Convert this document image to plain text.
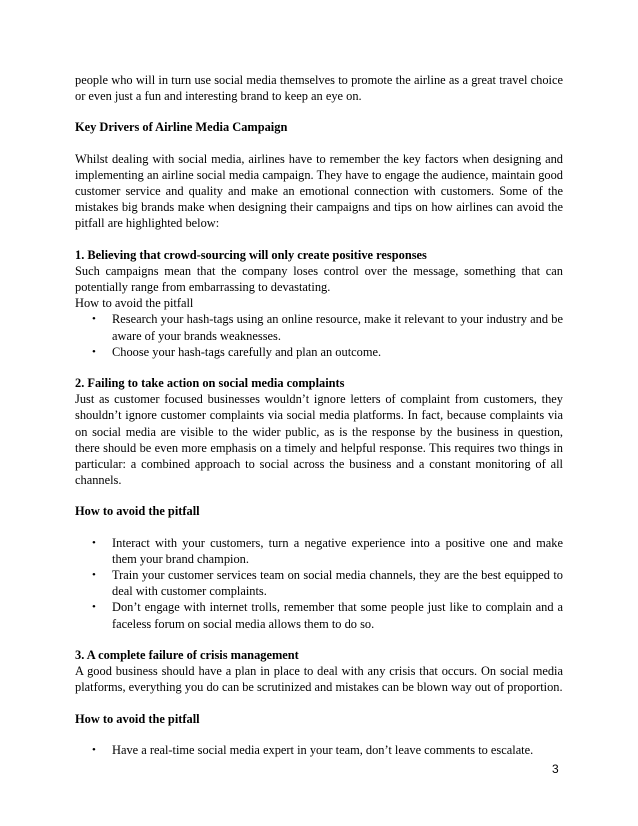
people who will in turn use social media themselves to promote the airline as a great travel choice or even just a fun and interesting brand to keep an eye on.

Key Drivers of Airline Media Campaign

Whilst dealing with social media, airlines have to remember the key factors when designing and implementing an airline social media campaign. They have to engage the audience, maintain good customer service and quality and make an emotional connection with customers. Some of the mistakes big brands make when designing their campaigns and tips on how airlines can avoid the pitfall are highlighted below:

1. Believing that crowd-sourcing will only create positive responses

Such campaigns mean that the company loses control over the message, something that can potentially range from embarrassing to devastating.

How to avoid the pitfall

• Research your hash-tags using an online resource, make it relevant to your industry and be aware of your brands weaknesses.
• Choose your hash-tags carefully and plan an outcome.

2. Failing to take action on social media complaints

Just as customer focused businesses wouldn’t ignore letters of complaint from customers, they shouldn’t ignore customer complaints via social media platforms. In fact, because complaints via on social media are visible to the wider public, as is the response by the business in question, there should be even more emphasis on a timely and helpful response. This requires two things in particular: a combined approach to social across the business and a constant monitoring of all channels.

How to avoid the pitfall

• Interact with your customers, turn a negative experience into a positive one and make them your brand champion.
• Train your customer services team on social media channels, they are the best equipped to deal with customer complaints.
• Don’t engage with internet trolls, remember that some people just like to complain and a faceless forum on social media allows them to do so.

3. A complete failure of crisis management

A good business should have a plan in place to deal with any crisis that occurs. On social media platforms, everything you do can be scrutinized and mistakes can be blown way out of proportion.

How to avoid the pitfall

• Have a real-time social media expert in your team, don’t leave comments to escalate.
3
